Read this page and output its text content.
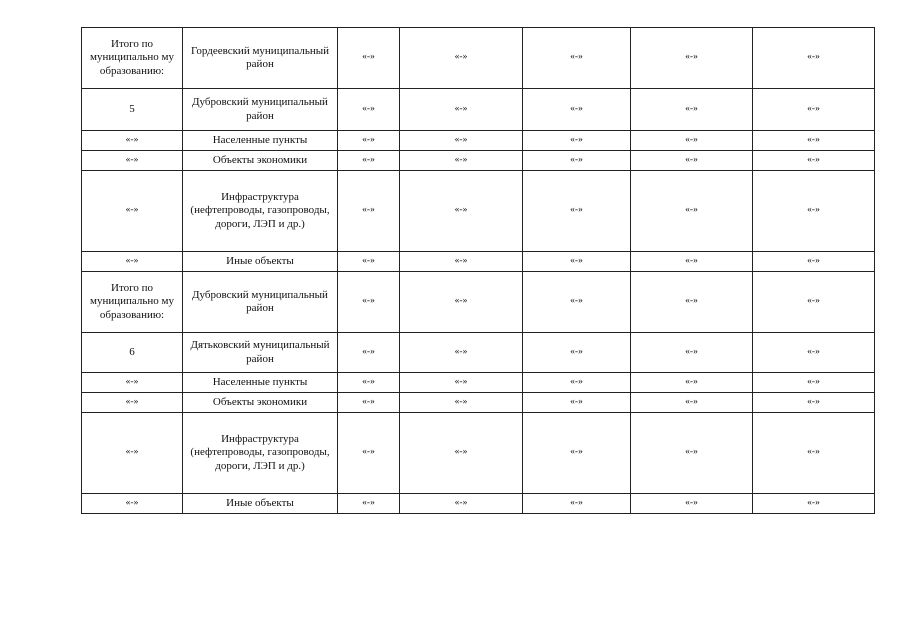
Итого по муниципально му образованию:	Гордеевский муниципальный район	«-»	«-»	«-»	«-»	«-»
5	Дубровский муниципальный район	«-»	«-»	«-»	«-»	«-»
«-»	Населенные пункты	«-»	«-»	«-»	«-»	«-»
«-»	Объекты экономики	«-»	«-»	«-»	«-»	«-»
«-»	Инфраструктура (нефтепроводы, газопроводы, дороги, ЛЭП и др.)	«-»	«-»	«-»	«-»	«-»
«-»	Иные объекты	«-»	«-»	«-»	«-»	«-»
Итого по муниципально му образованию:	Дубровский муниципальный район	«-»	«-»	«-»	«-»	«-»
6	Дятьковский муниципальный район	«-»	«-»	«-»	«-»	«-»
«-»	Населенные пункты	«-»	«-»	«-»	«-»	«-»
«-»	Объекты экономики	«-»	«-»	«-»	«-»	«-»
«-»	Инфраструктура (нефтепроводы, газопроводы, дороги, ЛЭП и др.)	«-»	«-»	«-»	«-»	«-»
«-»	Иные объекты	«-»	«-»	«-»	«-»	«-»
